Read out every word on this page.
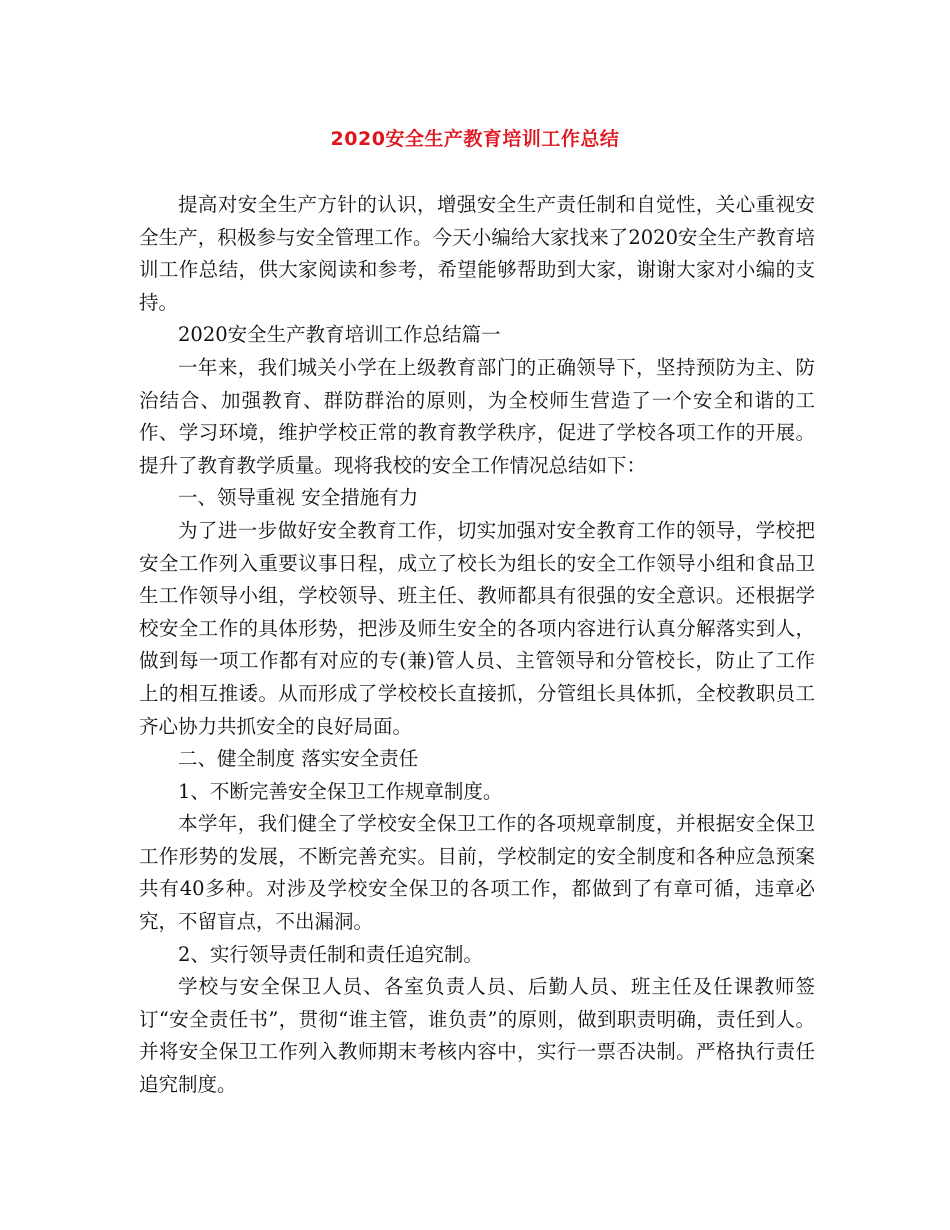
2020安全生产教育培训工作总结

提高对安全生产方针的认识，增强安全生产责任制和自觉性，关心重视安全生产，积极参与安全管理工作。今天小编给大家找来了2020安全生产教育培训工作总结，供大家阅读和参考，希望能够帮助到大家，谢谢大家对小编的支持。

2020安全生产教育培训工作总结篇一

一年来，我们城关小学在上级教育部门的正确领导下，坚持预防为主、防治结合、加强教育、群防群治的原则，为全校师生营造了一个安全和谐的工作、学习环境，维护学校正常的教育教学秩序，促进了学校各项工作的开展。提升了教育教学质量。现将我校的安全工作情况总结如下：

一、领导重视 安全措施有力

为了进一步做好安全教育工作，切实加强对安全教育工作的领导，学校把安全工作列入重要议事日程，成立了校长为组长的安全工作领导小组和食品卫生工作领导小组，学校领导、班主任、教师都具有很强的安全意识。还根据学校安全工作的具体形势，把涉及师生安全的各项内容进行认真分解落实到人，做到每一项工作都有对应的专(兼)管人员、主管领导和分管校长，防止了工作上的相互推诿。从而形成了学校校长直接抓，分管组长具体抓，全校教职员工齐心协力共抓安全的良好局面。

二、健全制度 落实安全责任

1、不断完善安全保卫工作规章制度。

本学年，我们健全了学校安全保卫工作的各项规章制度，并根据安全保卫工作形势的发展，不断完善充实。目前，学校制定的安全制度和各种应急预案共有40多种。对涉及学校安全保卫的各项工作，都做到了有章可循，违章必究，不留盲点，不出漏洞。

2、实行领导责任制和责任追究制。

学校与安全保卫人员、各室负责人员、后勤人员、班主任及任课教师签订“安全责任书”，贯彻“谁主管，谁负责”的原则，做到职责明确，责任到人。并将安全保卫工作列入教师期末考核内容中，实行一票否决制。严格执行责任追究制度。
